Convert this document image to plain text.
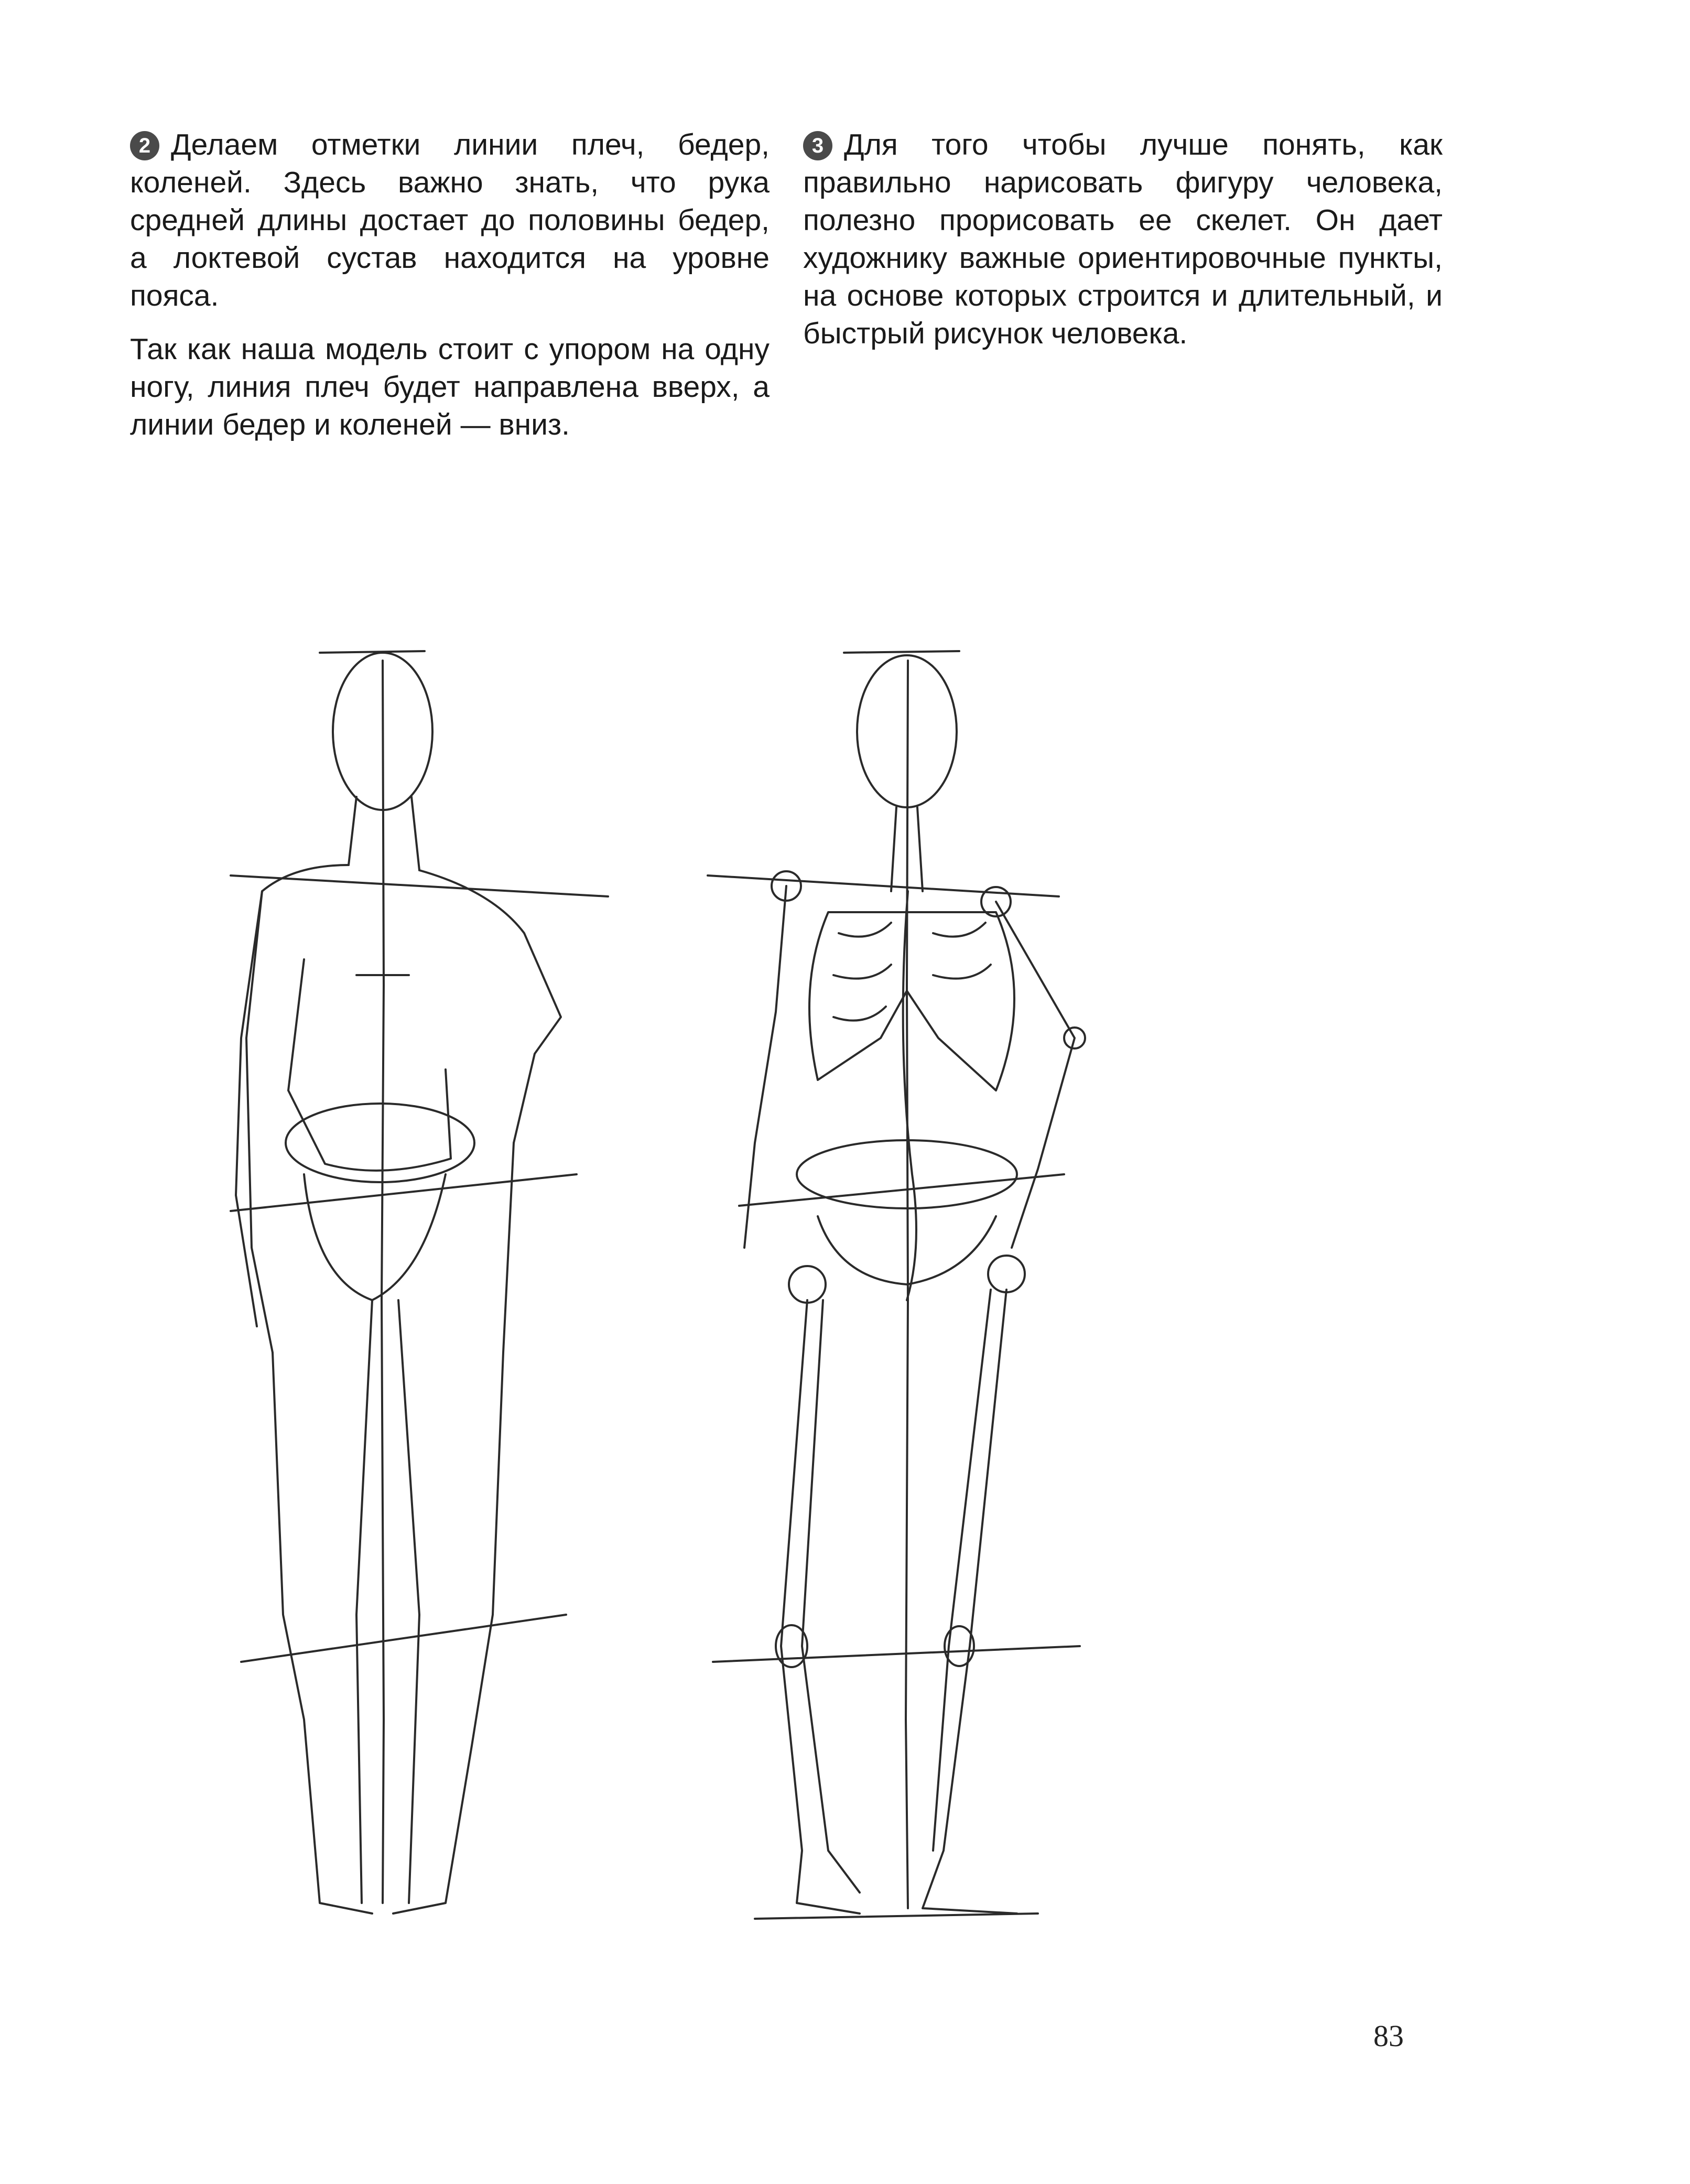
2 Делаем отметки линии плеч, бедер, коленей. Здесь важно знать, что рука средней длины достает до половины бедер, а локтевой сустав находится на уровне пояса.

Так как наша модель стоит с упором на одну ногу, линия плеч будет направлена вверх, а линии бедер и коленей — вниз.

3 Для того чтобы лучше понять, как правильно нарисовать фигуру человека, полезно прорисовать ее скелет. Он дает художнику важные ориентировочные пункты, на основе которых строится и длительный, и быстрый рисунок человека.

83
